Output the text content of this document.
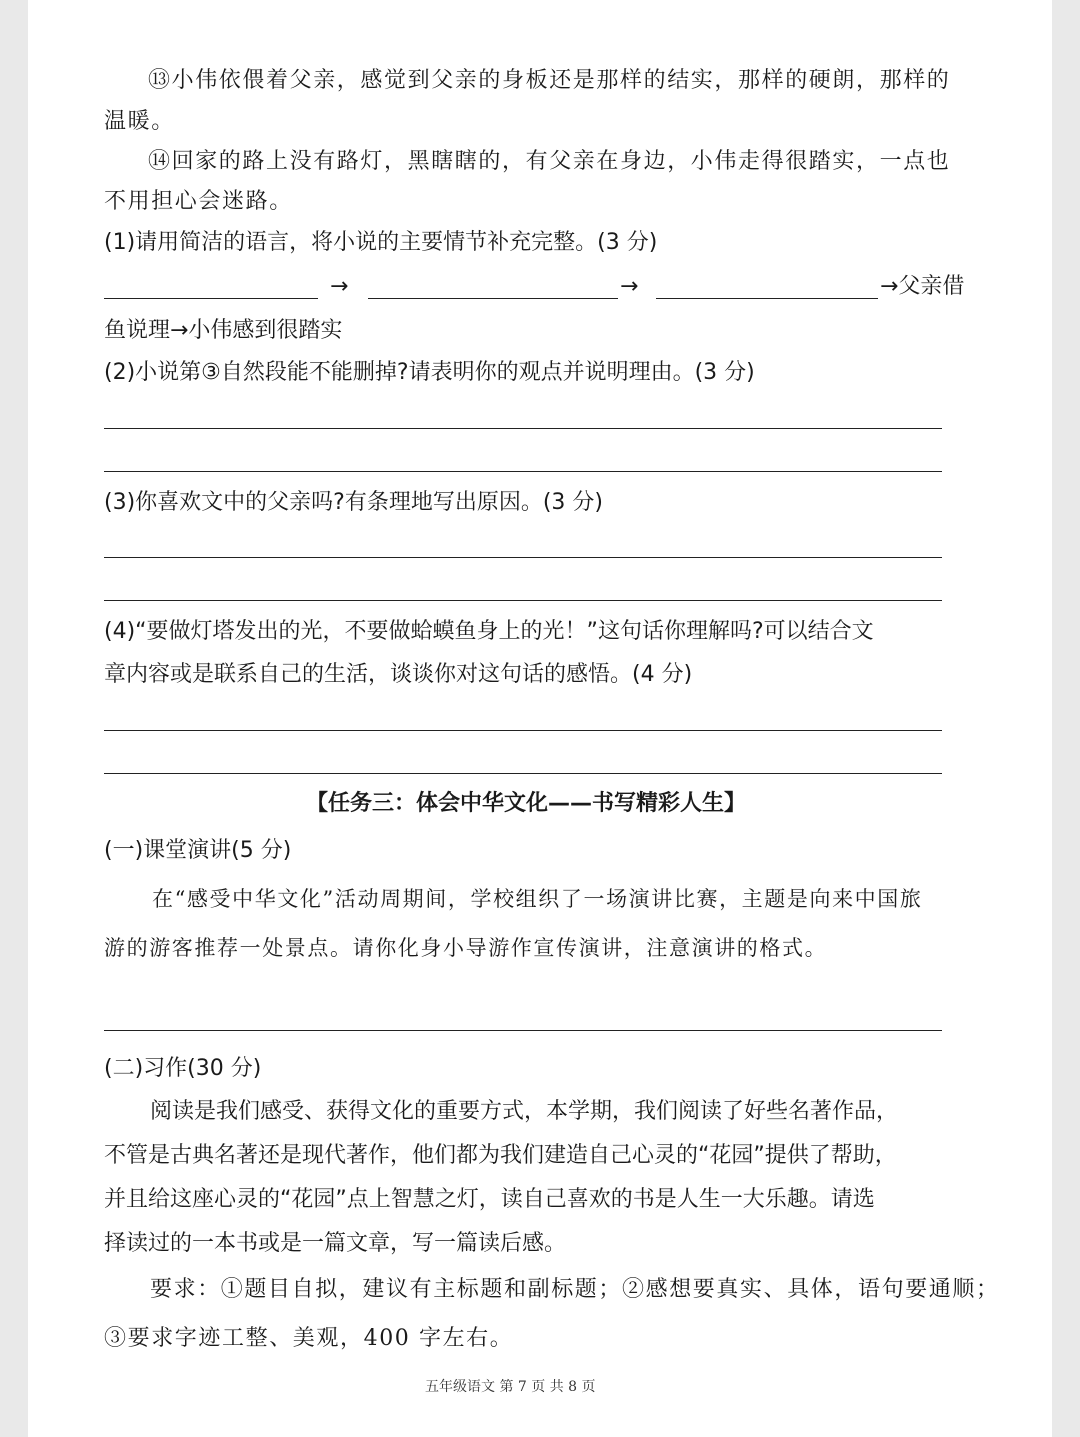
⑬小伟依偎着父亲，感觉到父亲的身板还是那样的结实，那样的硬朗，那样的
温暖。
⑭回家的路上没有路灯，黑瞎瞎的，有父亲在身边，小伟走得很踏实，一点也
不用担心会迷路。
(1)请用简洁的语言，将小说的主要情节补充完整。(3 分)
→	→	→父亲借
鱼说理→小伟感到很踏实
(2)小说第③自然段能不能删掉?请表明你的观点并说明理由。(3 分)
(3)你喜欢文中的父亲吗?有条理地写出原因。(3 分)
(4)“要做灯塔发出的光，不要做蛤蟆鱼身上的光！”这句话你理解吗?可以结合文
章内容或是联系自己的生活，谈谈你对这句话的感悟。(4 分)
【任务三：体会中华文化——书写精彩人生】
(一)课堂演讲(5 分)
在“感受中华文化”活动周期间，学校组织了一场演讲比赛，主题是向来中国旅
游的游客推荐一处景点。请你化身小导游作宣传演讲，注意演讲的格式。
(二)习作(30 分)
阅读是我们感受、获得文化的重要方式，本学期，我们阅读了好些名著作品，
不管是古典名著还是现代著作，他们都为我们建造自己心灵的“花园”提供了帮助，
并且给这座心灵的“花园”点上智慧之灯，读自己喜欢的书是人生一大乐趣。请选
择读过的一本书或是一篇文章，写一篇读后感。
要求：①题目自拟，建议有主标题和副标题；②感想要真实、具体，语句要通顺；
③要求字迹工整、美观，400 字左右。
五年级语文 第 7 页 共 8 页
